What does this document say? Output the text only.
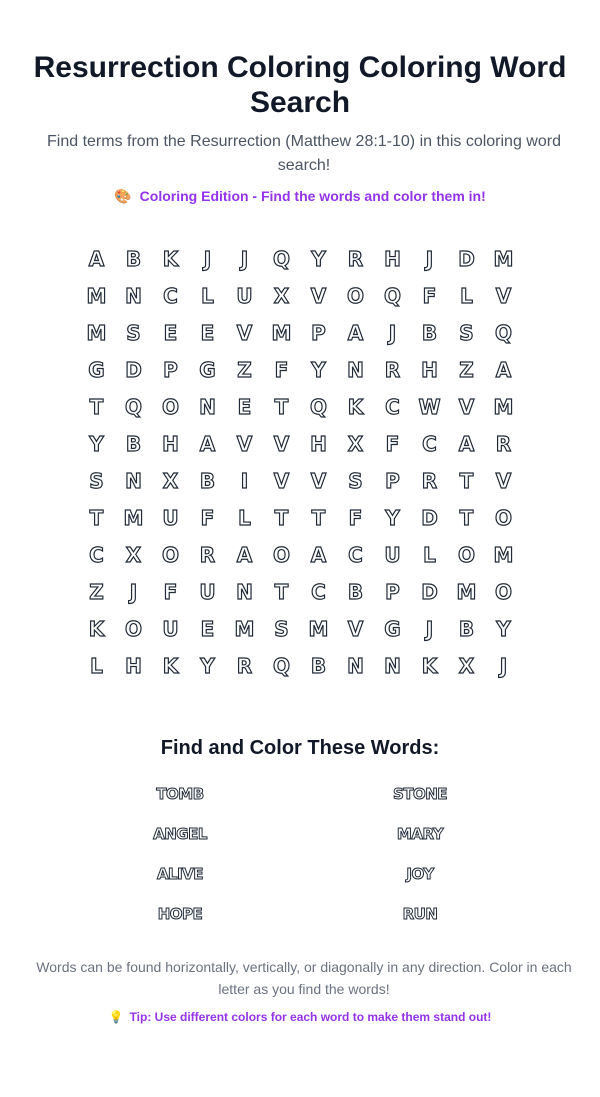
Resurrection Coloring Coloring Word Search

Find terms from the Resurrection (Matthew 28:1-10) in this coloring word search!

🎨 Coloring Edition - Find the words and color them in!
A	B	K	J	J	Q	Y	R	H	J	D M
M N	C	L	U	X	V	O Q	F	L	V
M S	E	E	V M P	A	J	B	S	Q
G	D	P	G	Z	F	Y	N	R	H	Z	A
T	Q O	N	E	T	Q	K	C W V M
Y	B	H	A	V	V	H	X	F	C	A	R
S	N	X	B	I	V	V	S	P	R	T	V
T	M U	F	L	T	T	F	Y	D	T	O
C	X	O	R	A	O	A	C	U	L	O M
Z	J	F	U	N	T	C	B	P	D M O
K	O	U	E	M S M V	G	J	B	Y
L	H	K	Y	R	Q	B	N	N	K	X	J
Find and Color These Words:
TOMB	STONE
ANGEL	MARY
ALIVE	JOY
HOPE	RUN
Words can be found horizontally, vertically, or diagonally in any direction. Color in each letter as you find the words!
💡 Tip: Use different colors for each word to make them stand out!
